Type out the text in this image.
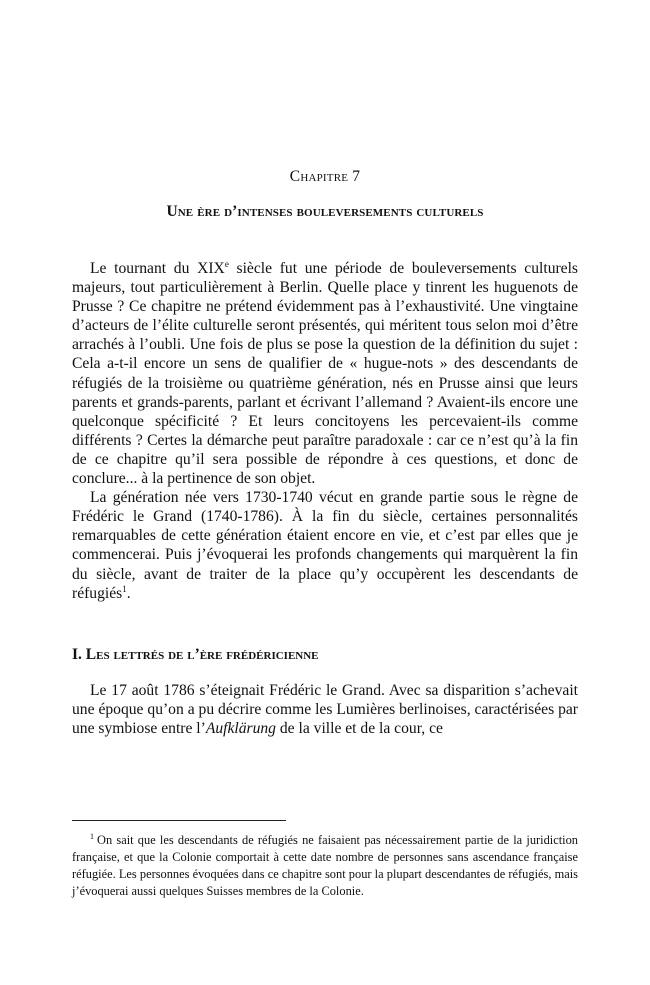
Chapitre 7
Une ère d’intenses bouleversements culturels

Le tournant du XIXe siècle fut une période de bouleversements culturels majeurs, tout particulièrement à Berlin. Quelle place y tinrent les huguenots de Prusse ? Ce chapitre ne prétend évidemment pas à l’exhaustivité. Une vingtaine d’acteurs de l’élite culturelle seront présentés, qui méritent tous selon moi d’être arrachés à l’oubli. Une fois de plus se pose la question de la définition du sujet : Cela a-t-il encore un sens de qualifier de « hugue-nots » des descendants de réfugiés de la troisième ou quatrième génération, nés en Prusse ainsi que leurs parents et grands-parents, parlant et écrivant l’allemand ? Avaient-ils encore une quelconque spécificité ? Et leurs concitoyens les percevaient-ils comme différents ? Certes la démarche peut paraître paradoxale : car ce n’est qu’à la fin de ce chapitre qu’il sera possible de répondre à ces questions, et donc de conclure... à la pertinence de son objet.

La génération née vers 1730-1740 vécut en grande partie sous le règne de Frédéric le Grand (1740-1786). À la fin du siècle, certaines personnalités remarquables de cette génération étaient encore en vie, et c’est par elles que je commencerai. Puis j’évoquerai les profonds changements qui marquèrent la fin du siècle, avant de traiter de la place qu’y occupèrent les descendants de réfugiés$^1$.

I. Les lettrés de l’ère frédéricienne

Le 17 août 1786 s’éteignait Frédéric le Grand. Avec sa disparition s’achevait une époque qu’on a pu décrire comme les Lumières berlinoises, caractérisées par une symbiose entre l’Aufklärung de la ville et de la cour, ce

$^1$ On sait que les descendants de réfugiés ne faisaient pas nécessairement partie de la juridiction française, et que la Colonie comportait à cette date nombre de personnes sans ascendance française réfugiée. Les personnes évoquées dans ce chapitre sont pour la plupart descendantes de réfugiés, mais j’évoquerai aussi quelques Suisses membres de la Colonie.
